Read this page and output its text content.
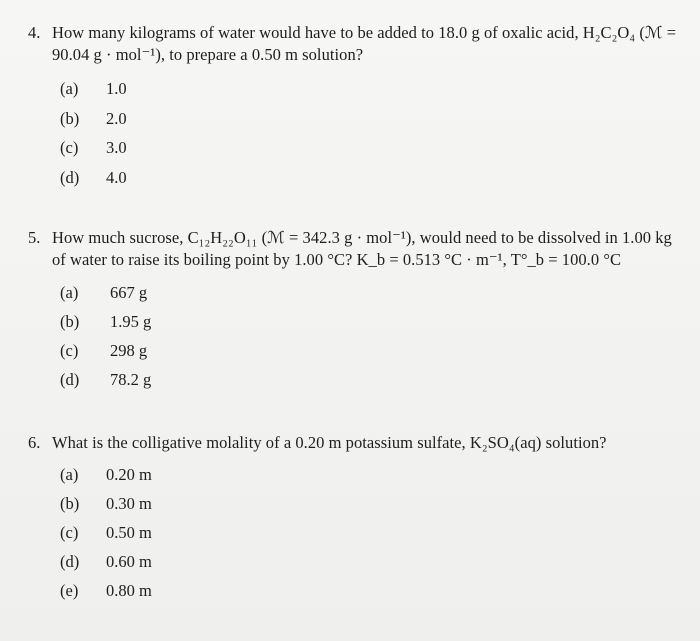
4. How many kilograms of water would have to be added to 18.0 g of oxalic acid, H₂C₂O₄ (ℳ =
90.04 g · mol⁻¹), to prepare a 0.50 m solution?
(a)	1.0
(b)	2.0
(c)	3.0
(d)	4.0
5. How much sucrose, C₁₂H₂₂O₁₁ (ℳ = 342.3 g · mol⁻¹), would need to be dissolved in 1.00 kg
of water to raise its boiling point by 1.00 °C? K_b = 0.513 °C · m⁻¹, T°_b = 100.0 °C
(a)	667 g
(b)	1.95 g
(c)	298 g
(d)	78.2 g
6. What is the colligative molality of a 0.20 m potassium sulfate, K₂SO₄(aq) solution?
(a)	0.20 m
(b)	0.30 m
(c)	0.50 m
(d)	0.60 m
(e)	0.80 m
